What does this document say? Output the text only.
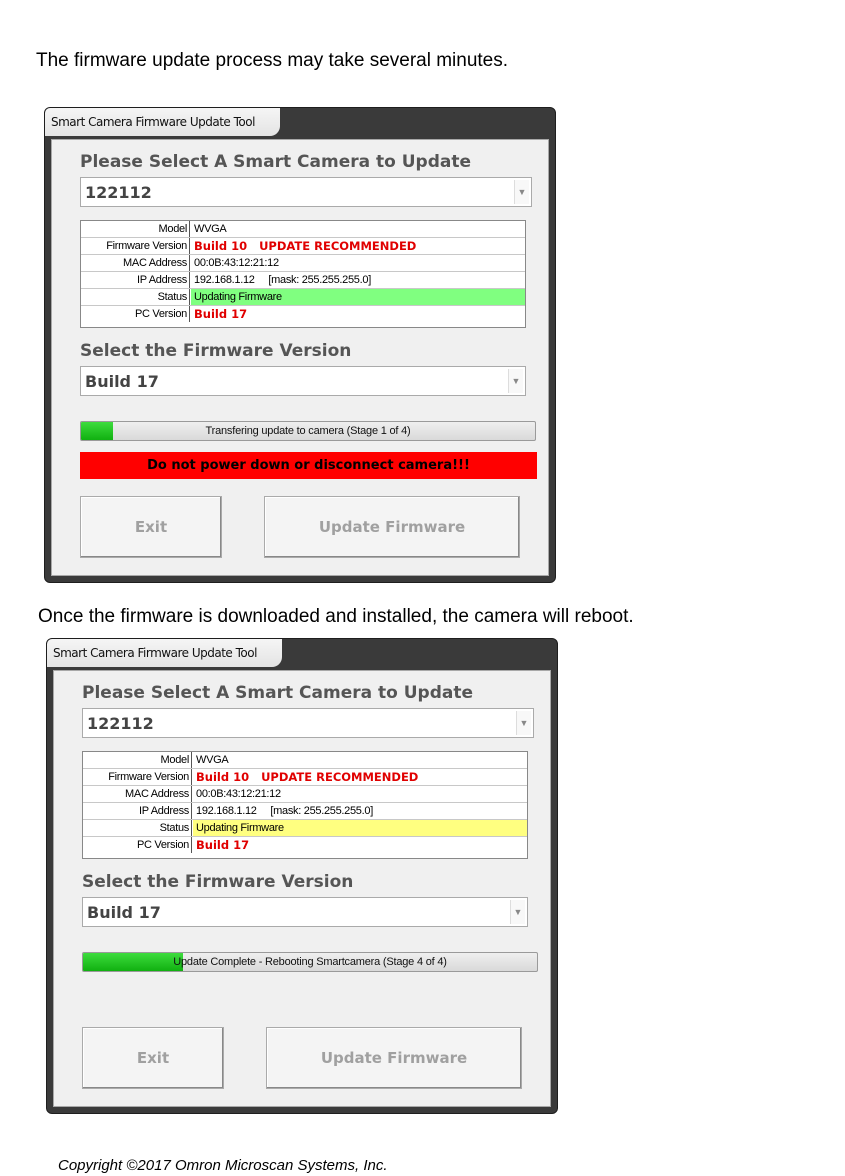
The firmware update process may take several minutes.
Smart Camera Firmware Update Tool
Please Select A Smart Camera to Update
122112	▼
Model WVGA
Firmware Version Build 10   UPDATE RECOMMENDED
MAC Address 00:0B:43:12:21:12
IP Address 192.168.1.12     [mask: 255.255.255.0]
Status Updating Firmware
PC Version Build 17
Select the Firmware Version
Build 17	▼
Transfering update to camera (Stage 1 of 4)
Do not power down or disconnect camera!!!
Exit	Update Firmware
Once the firmware is downloaded and installed, the camera will reboot.
Smart Camera Firmware Update Tool
Please Select A Smart Camera to Update
122112	▼
Model WVGA
Firmware Version Build 10   UPDATE RECOMMENDED
MAC Address 00:0B:43:12:21:12
IP Address 192.168.1.12     [mask: 255.255.255.0]
Status Updating Firmware
PC Version Build 17
Select the Firmware Version
Build 17	▼
Update Complete - Rebooting Smartcamera (Stage 4 of 4)
Exit	Update Firmware
Copyright ©2017 Omron Microscan Systems, Inc.
